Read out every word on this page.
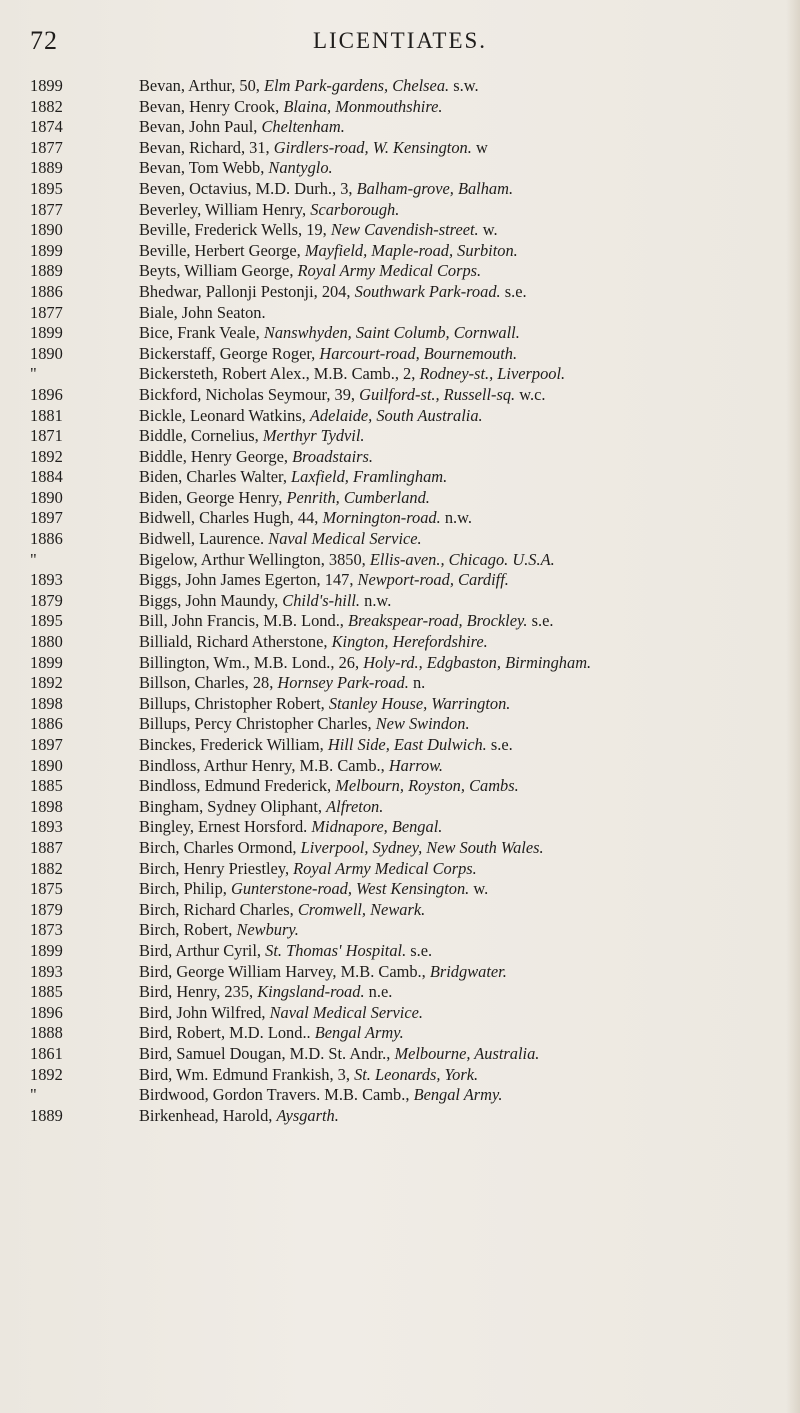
72	LICENTIATES.
1899	Bevan, Arthur, 50, Elm Park-gardens, Chelsea. s.w.
1882	Bevan, Henry Crook, Blaina, Monmouthshire.
1874	Bevan, John Paul, Cheltenham.
1877	Bevan, Richard, 31, Girdlers-road, W. Kensington. w
1889	Bevan, Tom Webb, Nantyglo.
1895	Beven, Octavius, M.D. Durh., 3, Balham-grove, Balham.
1877	Beverley, William Henry, Scarborough.
1890	Beville, Frederick Wells, 19, New Cavendish-street. w.
1899	Beville, Herbert George, Mayfield, Maple-road, Surbiton.
1889	Beyts, William George, Royal Army Medical Corps.
1886	Bhedwar, Pallonji Pestonji, 204, Southwark Park-road. s.e.
1877	Biale, John Seaton.
1899	Bice, Frank Veale, Nanswhyden, Saint Columb, Cornwall.
1890	Bickerstaff, George Roger, Harcourt-road, Bournemouth.
"	Bickersteth, Robert Alex., M.B. Camb., 2, Rodney-st., Liverpool.
1896	Bickford, Nicholas Seymour, 39, Guilford-st., Russell-sq. w.c.
1881	Bickle, Leonard Watkins, Adelaide, South Australia.
1871	Biddle, Cornelius, Merthyr Tydvil.
1892	Biddle, Henry George, Broadstairs.
1884	Biden, Charles Walter, Laxfield, Framlingham.
1890	Biden, George Henry, Penrith, Cumberland.
1897	Bidwell, Charles Hugh, 44, Mornington-road. n.w.
1886	Bidwell, Laurence. Naval Medical Service.
"	Bigelow, Arthur Wellington, 3850, Ellis-aven., Chicago. U.S.A.
1893	Biggs, John James Egerton, 147, Newport-road, Cardiff.
1879	Biggs, John Maundy, Child's-hill. n.w.
1895	Bill, John Francis, M.B. Lond., Breakspear-road, Brockley. s.e.
1880	Billiald, Richard Atherstone, Kington, Herefordshire.
1899	Billington, Wm., M.B. Lond., 26, Holy-rd., Edgbaston, Birmingham.
1892	Billson, Charles, 28, Hornsey Park-road. n.
1898	Billups, Christopher Robert, Stanley House, Warrington.
1886	Billups, Percy Christopher Charles, New Swindon.
1897	Binckes, Frederick William, Hill Side, East Dulwich. s.e.
1890	Bindloss, Arthur Henry, M.B. Camb., Harrow.
1885	Bindloss, Edmund Frederick, Melbourn, Royston, Cambs.
1898	Bingham, Sydney Oliphant, Alfreton.
1893	Bingley, Ernest Horsford. Midnapore, Bengal.
1887	Birch, Charles Ormond, Liverpool, Sydney, New South Wales.
1882	Birch, Henry Priestley, Royal Army Medical Corps.
1875	Birch, Philip, Gunterstone-road, West Kensington. w.
1879	Birch, Richard Charles, Cromwell, Newark.
1873	Birch, Robert, Newbury.
1899	Bird, Arthur Cyril, St. Thomas' Hospital. s.e.
1893	Bird, George William Harvey, M.B. Camb., Bridgwater.
1885	Bird, Henry, 235, Kingsland-road. n.e.
1896	Bird, John Wilfred, Naval Medical Service.
1888	Bird, Robert, M.D. Lond.. Bengal Army.
1861	Bird, Samuel Dougan, M.D. St. Andr., Melbourne, Australia.
1892	Bird, Wm. Edmund Frankish, 3, St. Leonards, York.
"	Birdwood, Gordon Travers. M.B. Camb., Bengal Army.
1889	Birkenhead, Harold, Aysgarth.
